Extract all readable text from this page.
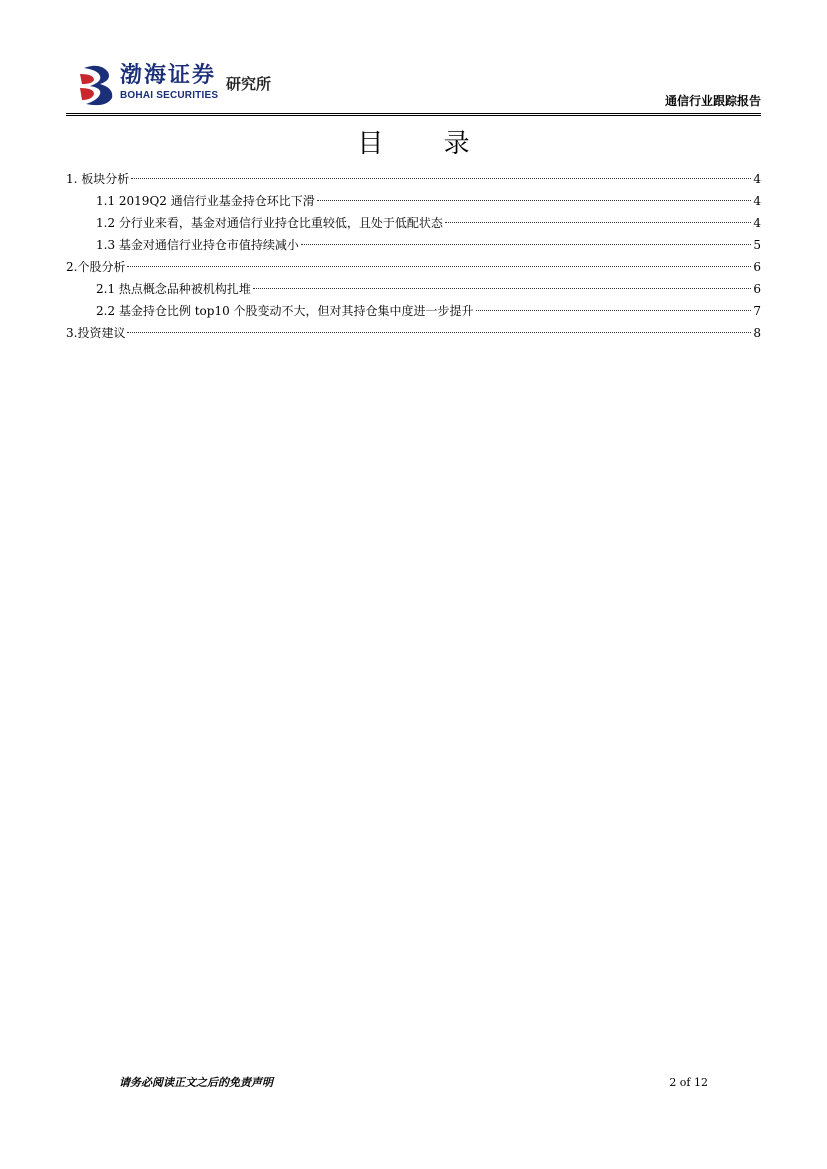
渤海证券
BOHAI SECURITIES
研究所
通信行业跟踪报告
目 录
1. 板块分析	4
1.1 2019Q2 通信行业基金持仓环比下滑	4
1.2 分行业来看，基金对通信行业持仓比重较低，且处于低配状态	4
1.3 基金对通信行业持仓市值持续减小	5
2.个股分析	6
2.1 热点概念品种被机构扎堆	6
2.2 基金持仓比例 top10 个股变动不大，但对其持仓集中度进一步提升	7
3.投资建议	8
请务必阅读正文之后的免责声明	2 of 12
